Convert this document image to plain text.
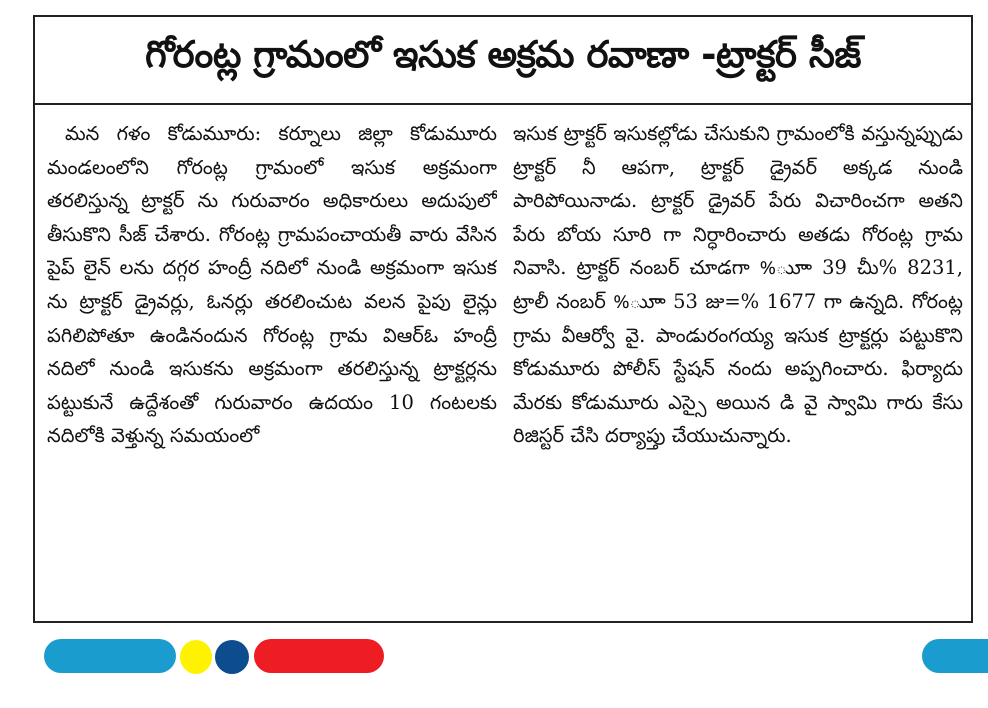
గోరంట్ల గ్రామంలో ఇసుక అక్రమ రవాణా -ట్రాక్టర్ సీజ్

మన గళం కోడుమూరు: కర్నూలు జిల్లా కోడుమూరు మండలంలోని గోరంట్ల గ్రామంలో ఇసుక అక్రమంగా తరలిస్తున్న ట్రాక్టర్ ను గురువారం అధికారులు అదుపులో తీసుకొని సీజ్ చేశారు. గోరంట్ల గ్రామపంచాయతీ వారు వేసిన పైప్ లైన్ లను దగ్గర హంద్రీ నదిలో నుండి అక్రమంగా ఇసుక ను ట్రాక్టర్ డ్రైవర్లు, ఓనర్లు తరలించుట వలన పైపు లైన్లు పగిలిపోతూ ఉండినందున గోరంట్ల గ్రామ విఆర్ఓ హంద్రీ నదిలో నుండి ఇసుకను అక్రమంగా తరలిస్తున్న ట్రాక్టర్లను పట్టుకునే ఉద్దేశంతో గురువారం ఉదయం 10 గంటలకు నదిలోకి వెళ్తున్న సమయంలో

ఇసుక ట్రాక్టర్ ఇసుకల్లోడు చేసుకుని గ్రామంలోకి వస్తున్నప్పుడు ట్రాక్టర్ నీ ఆపగా, ట్రాక్టర్ డ్రైవర్ అక్కడ నుండి పారిపోయినాడు. ట్రాక్టర్ డ్రైవర్ పేరు విచారించగా అతని పేరు బోయ సూరి గా నిర్ధారించారు అతడు గోరంట్ల గ్రామ నివాసి. ట్రాక్టర్ నంబర్ చూడగా %ుూా 39 చీు% 8231, ట్రాలీ నంబర్ %ుూా 53 జు=% 1677 గా ఉన్నది. గోరంట్ల గ్రామ వీఆర్వో వై. పాండురంగయ్య ఇసుక ట్రాక్టర్లు పట్టుకొని కోడుమూరు పోలీస్ స్టేషన్ నందు అప్పగించారు. ఫిర్యాదు మేరకు కోడుమూరు ఎస్సై అయిన డి వై స్వామి గారు కేసు రిజిస్టర్ చేసి దర్యాప్తు చేయుచున్నారు.
